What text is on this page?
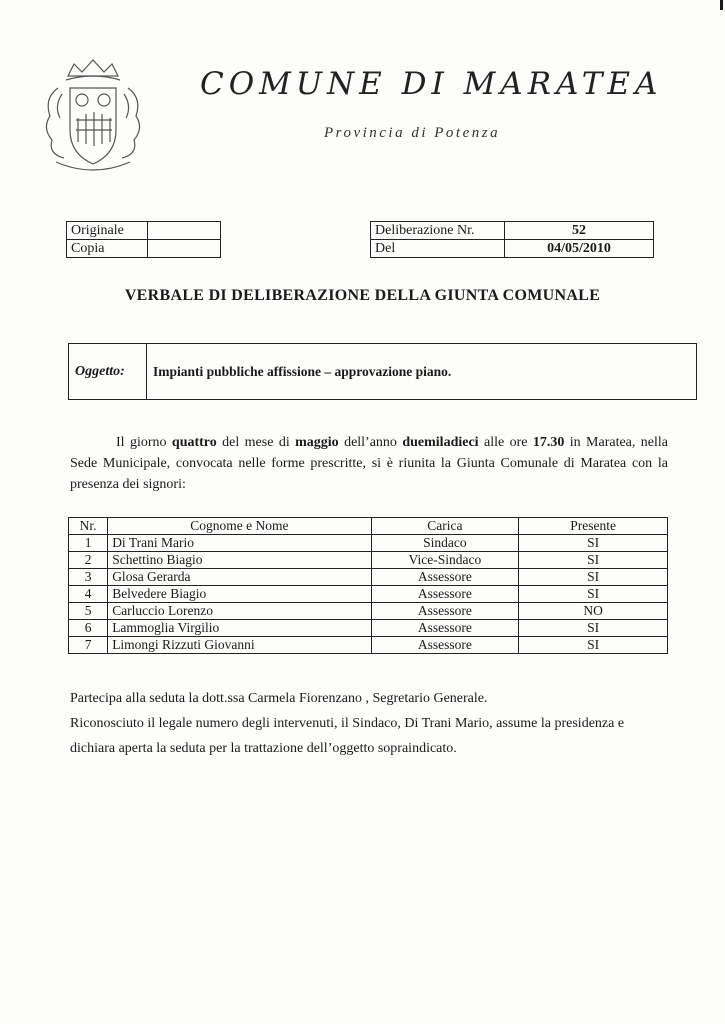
COMUNE DI MARATEA
Provincia di Potenza
Originale	
Copia	
Deliberazione Nr.	52
Del	04/05/2010
VERBALE DI DELIBERAZIONE DELLA GIUNTA COMUNALE
Oggetto:	Impianti pubbliche affissione – approvazione piano.

Il giorno quattro del mese di maggio dell’anno duemiladieci alle ore 17.30 in Maratea, nella Sede Municipale, convocata nelle forme prescritte, si è riunita la Giunta Comunale di Maratea con la presenza dei signori:

Nr.	Cognome e Nome	Carica	Presente
1	Di Trani Mario	Sindaco	SI
2	Schettino Biagio	Vice-Sindaco	SI
3	Glosa Gerarda	Assessore	SI
4	Belvedere Biagio	Assessore	SI
5	Carluccio Lorenzo	Assessore	NO
6	Lammoglia Virgilio	Assessore	SI
7	Limongi Rizzuti Giovanni	Assessore	SI

Partecipa alla seduta la dott.ssa Carmela Fiorenzano , Segretario Generale.

Riconosciuto il legale numero degli intervenuti, il Sindaco, Di Trani Mario, assume la presidenza e

dichiara aperta la seduta per la trattazione dell’oggetto sopraindicato.
